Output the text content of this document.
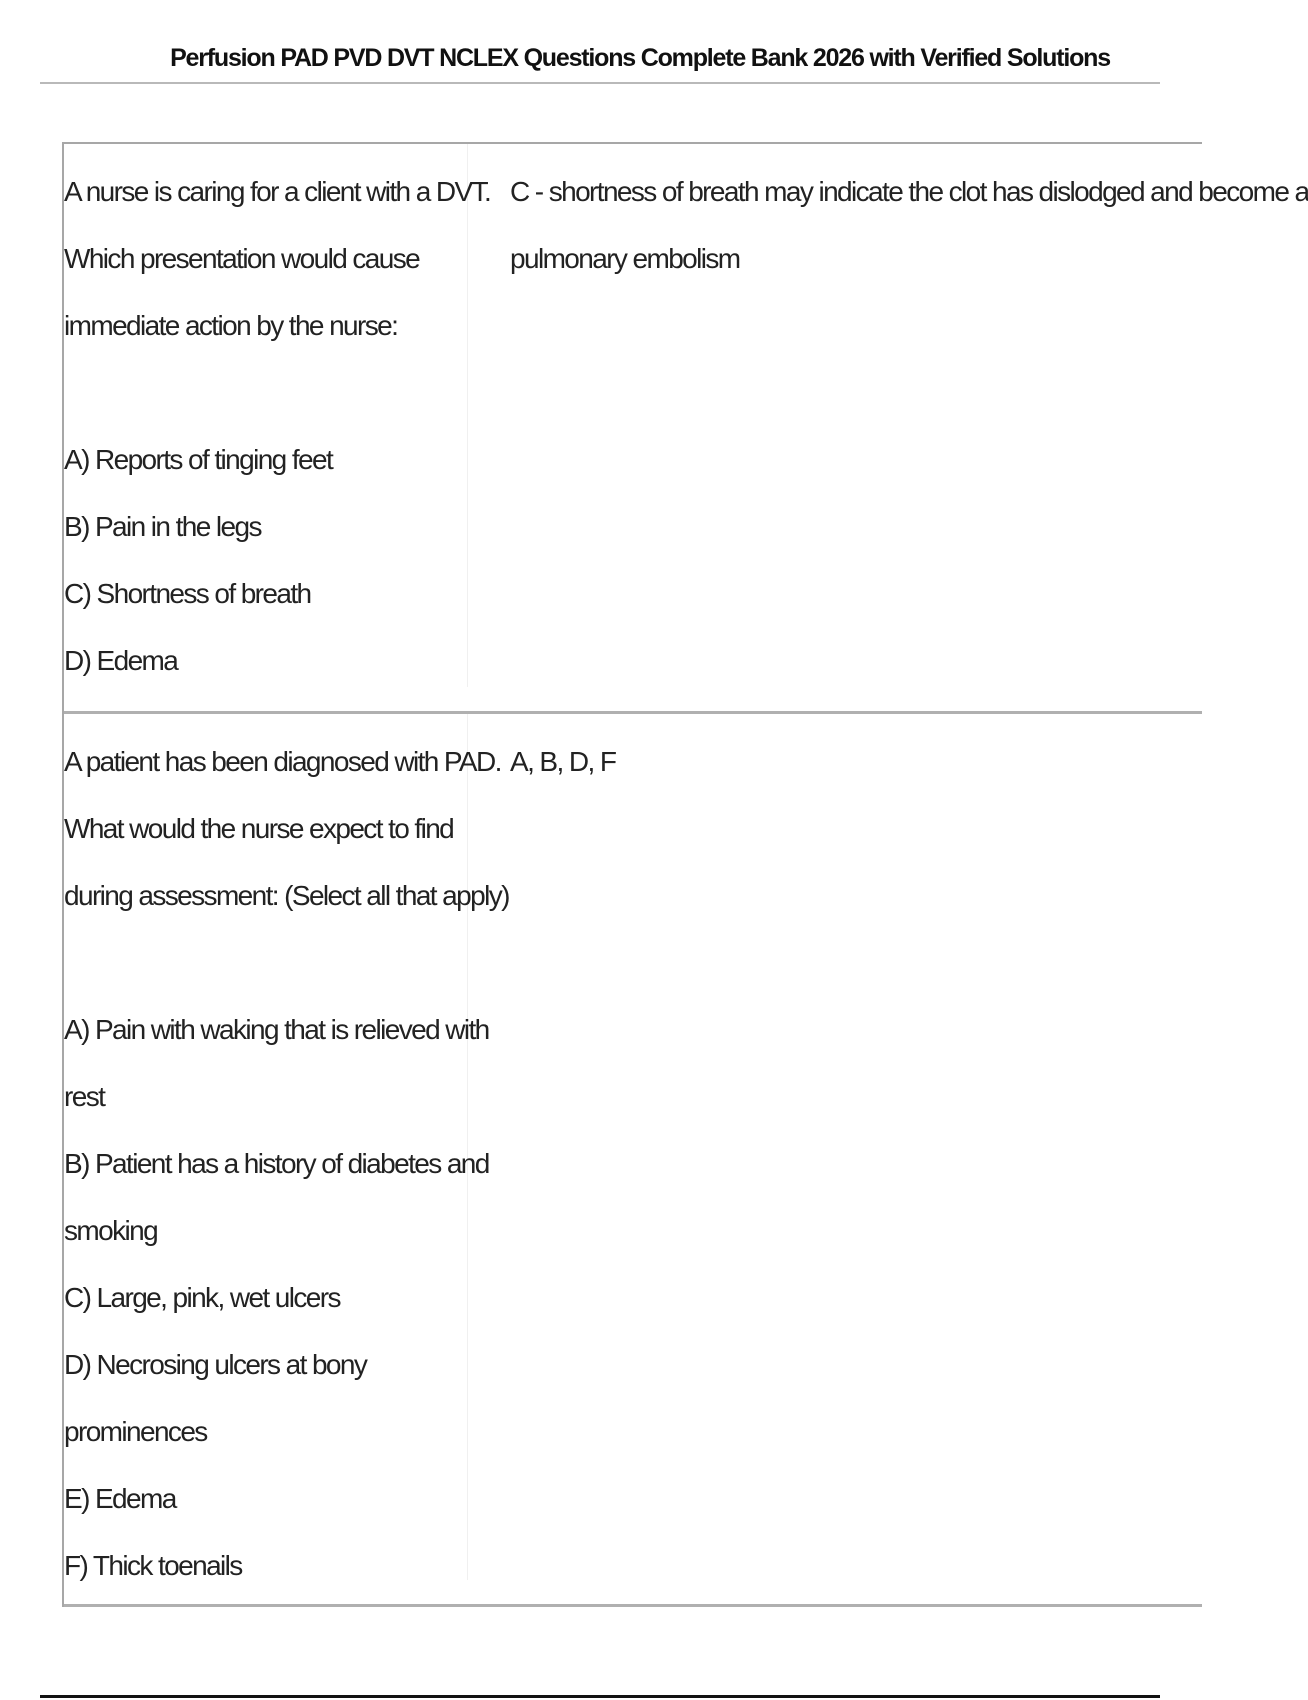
Perfusion PAD PVD DVT NCLEX Questions Complete Bank 2026 with Verified Solutions
A nurse is caring for a client with a DVT.
Which presentation would cause
immediate action by the nurse:
A) Reports of tinging feet
B) Pain in the legs
C) Shortness of breath
D) Edema
C - shortness of breath may indicate the clot has dislodged and become a
pulmonary embolism
A patient has been diagnosed with PAD.
What would the nurse expect to find
during assessment: (Select all that apply)
A) Pain with waking that is relieved with
rest
B) Patient has a history of diabetes and
smoking
C) Large, pink, wet ulcers
D) Necrosing ulcers at bony
prominences
E) Edema
F) Thick toenails
A, B, D, F
